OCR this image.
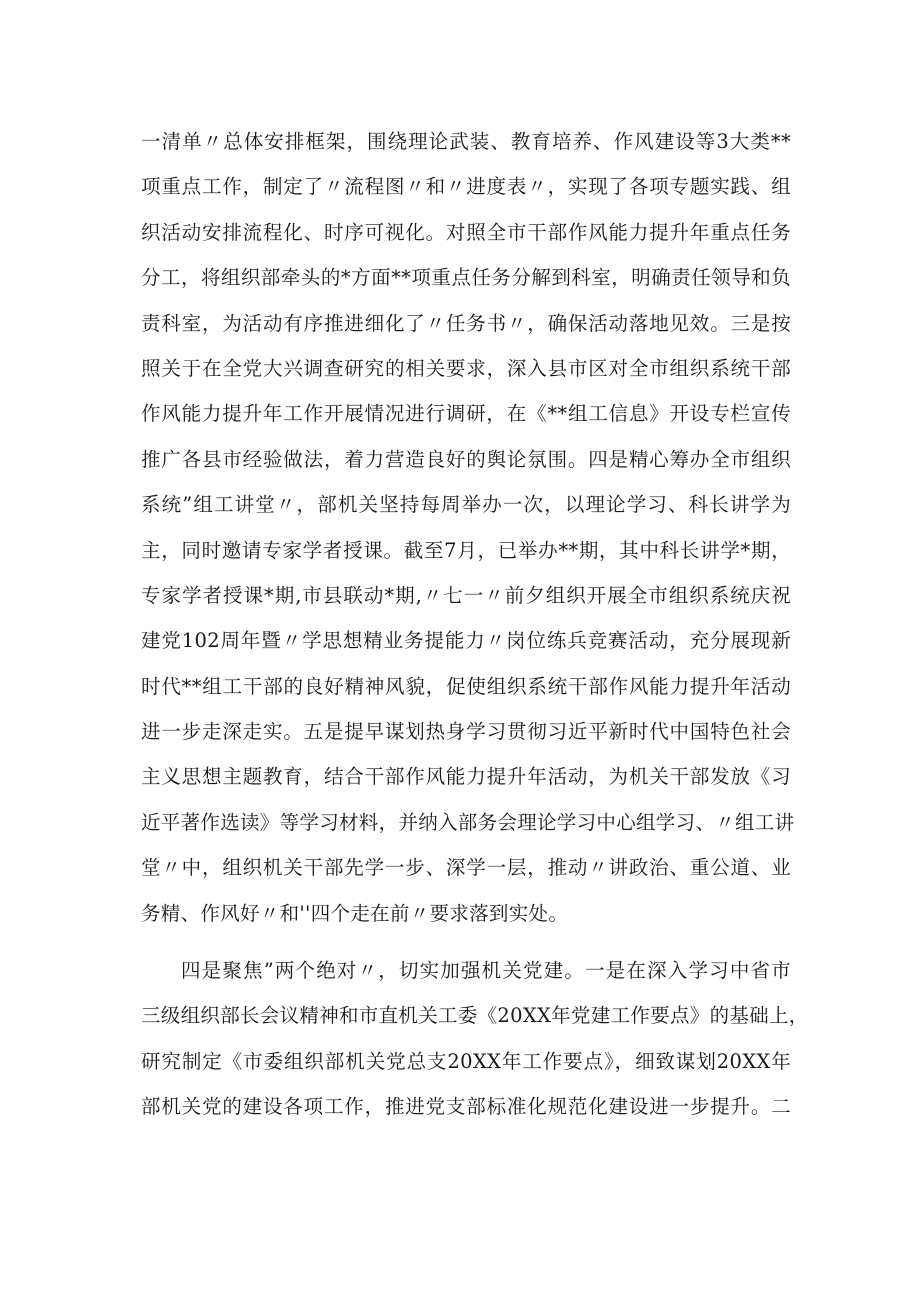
一清单〃总体安排框架，围绕理论武装、教育培养、作风建设等3大类**
项重点工作，制定了〃流程图〃和〃进度表〃，实现了各项专题实践、组
织活动安排流程化、时序可视化。对照全市干部作风能力提升年重点任务
分工，将组织部牵头的*方面**项重点任务分解到科室，明确责任领导和负
责科室，为活动有序推进细化了〃任务书〃，确保活动落地见效。三是按
照关于在全党大兴调查研究的相关要求，深入县市区对全市组织系统干部
作风能力提升年工作开展情况进行调研，在《**组工信息》开设专栏宣传
推广各县市经验做法，着力营造良好的舆论氛围。四是精心筹办全市组织
系统”组工讲堂〃，部机关坚持每周举办一次，以理论学习、科长讲学为
主，同时邀请专家学者授课。截至7月，已举办**期，其中科长讲学*期，
专家学者授课*期,市县联动*期,〃七一〃前夕组织开展全市组织系统庆祝
建党102周年暨〃学思想精业务提能力〃岗位练兵竞赛活动，充分展现新
时代**组工干部的良好精神风貌，促使组织系统干部作风能力提升年活动
进一步走深走实。五是提早谋划热身学习贯彻习近平新时代中国特色社会
主义思想主题教育，结合干部作风能力提升年活动，为机关干部发放《习
近平著作选读》等学习材料，并纳入部务会理论学习中心组学习、〃组工讲
堂〃中，组织机关干部先学一步、深学一层，推动〃讲政治、重公道、业
务精、作风好〃和''四个走在前〃要求落到实处。
四是聚焦”两个绝对〃，切实加强机关党建。一是在深入学习中省市
三级组织部长会议精神和市直机关工委《20XX年党建工作要点》的基础上，
研究制定《市委组织部机关党总支20XX年工作要点》，细致谋划20XX年
部机关党的建设各项工作，推进党支部标准化规范化建设进一步提升。二
